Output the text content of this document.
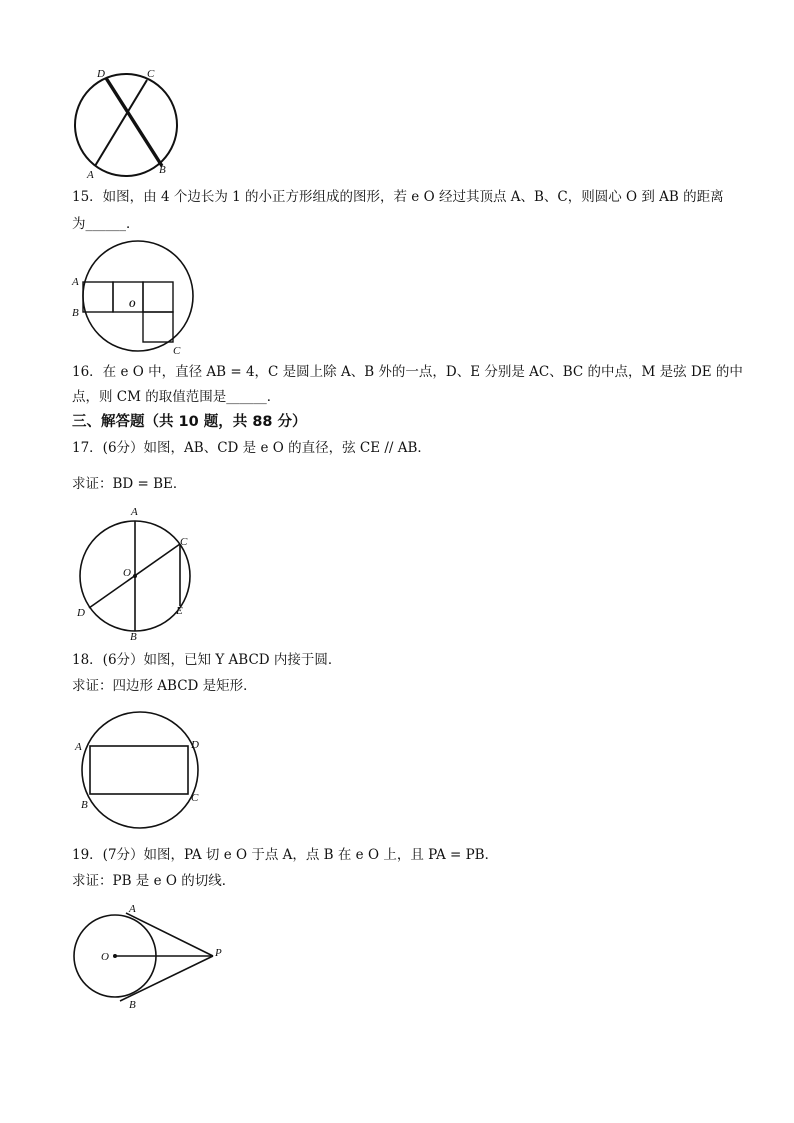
D	C
A	B
15．如图，由 4 个边长为 1 的小正方形组成的图形，若 e O 经过其顶点 A、B、C，则圆心 O 到 AB 的距离
为______．
A
B
O
C
16．在 e O 中，直径 AB = 4，C 是圆上除 A、B 外的一点，D、E 分别是 AC、BC 的中点，M 是弦 DE 的中
点，则 CM 的取值范围是______．
三、解答题（共 10 题，共 88 分）
17．(6分）如图，AB、CD 是 e O 的直径，弦 CE // AB．
求证：BD = BE．
A
C
O
D	E
B
18．(6分）如图，已知 Y ABCD 内接于圆．
求证：四边形 ABCD 是矩形．
A	D
B
C
19．(7分）如图，PA 切 e O 于点 A，点 B 在 e O 上，且 PA = PB．
求证：PB 是 e O 的切线．
A
O	P
B
